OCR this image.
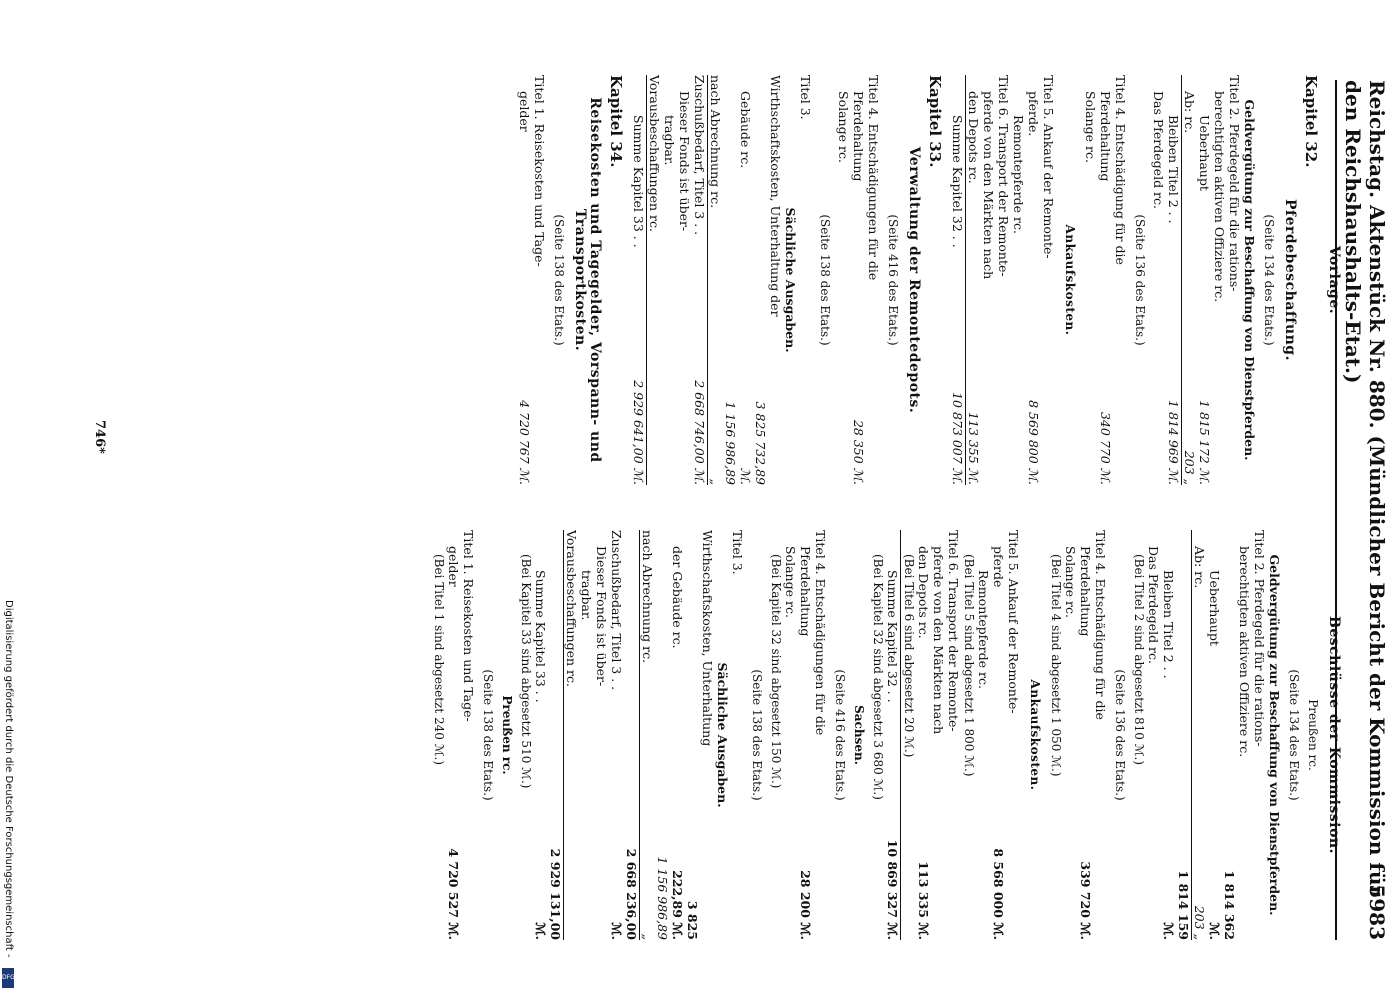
Reichstag. Aktenstück Nr. 880. (Mündlicher Bericht der Kommission für den Reichshaushalts-Etat.)
5983
Vorlage.
Kapitel 32.
Pferdebeschaffung.
(Seite 134 des Etats.)
Geldvergütung zur Beschaffung von Dienstpferden.
Titel 2. Pferdegeld für die rations-
berechtigten aktiven Offiziere rc.
Ueberhaupt
1 815 172 ℳ.
Ab: rc.
203 „
Bleiben Titel 2 . .
1 814 969 ℳ.
Das Pferdegeld rc.
(Seite 136 des Etats.)
Titel 4. Entschädigung für die
Pferdehaltung
340 770 ℳ.
Solange rc.
Ankaufskosten.
Titel 5. Ankauf der Remonte-
pferde.
8 569 800 ℳ.
Remontepferde rc.
Titel 6. Transport der Remonte-
pferde von den Märkten nach
den Depots rc.
113 355 ℳ.
Summe Kapitel 32 . .
10 873 007 ℳ.
Kapitel 33.
Verwaltung der Remontedepots.
(Seite 416 des Etats.)
Titel 4. Entschädigungen für die
Pferdehaltung
28 350 ℳ.
Solange rc.
(Seite 138 des Etats.)
Titel 3.
Sächliche Ausgaben.
Wirthschaftskosten, Unterhaltung der
Gebäude rc.
3 825 732,89 ℳ.
nach Abrechnung rc.
1 156 986,89 „
Zuschußbedarf, Titel 3 . .
2 668 746,00 ℳ.
Dieser Fonds ist über-
tragbar.
Vorausbeschaffungen rc.
Summe Kapitel 33 . .
2 929 641,00 ℳ.
Kapitel 34.
Reisekosten und Tagegelder, Vorspann- und Transportkosten.
(Seite 138 des Etats.)
Titel 1. Reisekosten und Tage-
gelder
4 720 767 ℳ.
Beschlüsse der Kommission.
Preußen rc.
(Seite 134 des Etats.)
Geldvergütung zur Beschaffung von Dienstpferden.
Titel 2. Pferdegeld für die rations-
berechtigten aktiven Offiziere rc.
Ueberhaupt
1 814 362 ℳ.
Ab: rc.
203 „
Bleiben Titel 2 . .
1 814 159 ℳ.
Das Pferdegeld rc.
(Bei Titel 2 sind abgesetzt 810 ℳ.)
(Seite 136 des Etats.)
Titel 4. Entschädigung für die
Pferdehaltung
339 720 ℳ.
Solange rc.
(Bei Titel 4 sind abgesetzt 1 050 ℳ.)
Ankaufskosten.
Titel 5. Ankauf der Remonte-
pferde
8 568 000 ℳ.
Remontepferde rc.
(Bei Titel 5 sind abgesetzt 1 800 ℳ.)
Titel 6. Transport der Remonte-
pferde von den Märkten nach
den Depots rc.
113 335 ℳ.
(Bei Titel 6 sind abgesetzt 20 ℳ.)
Summe Kapitel 32 . .
10 869 327 ℳ.
(Bei Kapitel 32 sind abgesetzt 3 680 ℳ.)
Sachsen.
(Seite 416 des Etats.)
Titel 4. Entschädigungen für die
Pferdehaltung
28 200 ℳ.
Solange rc.
(Bei Kapitel 32 sind abgesetzt 150 ℳ.)
(Seite 138 des Etats.)
Titel 3.
Sächliche Ausgaben.
Wirthschaftskosten, Unterhaltung
der Gebäude rc.
3 825 222,89 ℳ.
nach Abrechnung rc.
1 156 986,89 „
Zuschußbedarf, Titel 3 . .
2 668 236,00 ℳ.
Dieser Fonds ist über-
tragbar.
Vorausbeschaffungen rc.
Summe Kapitel 33 . .
2 929 131,00 ℳ.
(Bei Kapitel 33 sind abgesetzt 510 ℳ.)
Preußen rc.
(Seite 138 des Etats.)
Titel 1. Reisekosten und Tage-
gelder
4 720 527 ℳ.
(Bei Titel 1 sind abgesetzt 240 ℳ.)
746*
Digitalisierung gefördert durch die Deutsche Forschungsgemeinschaft -
DFG
